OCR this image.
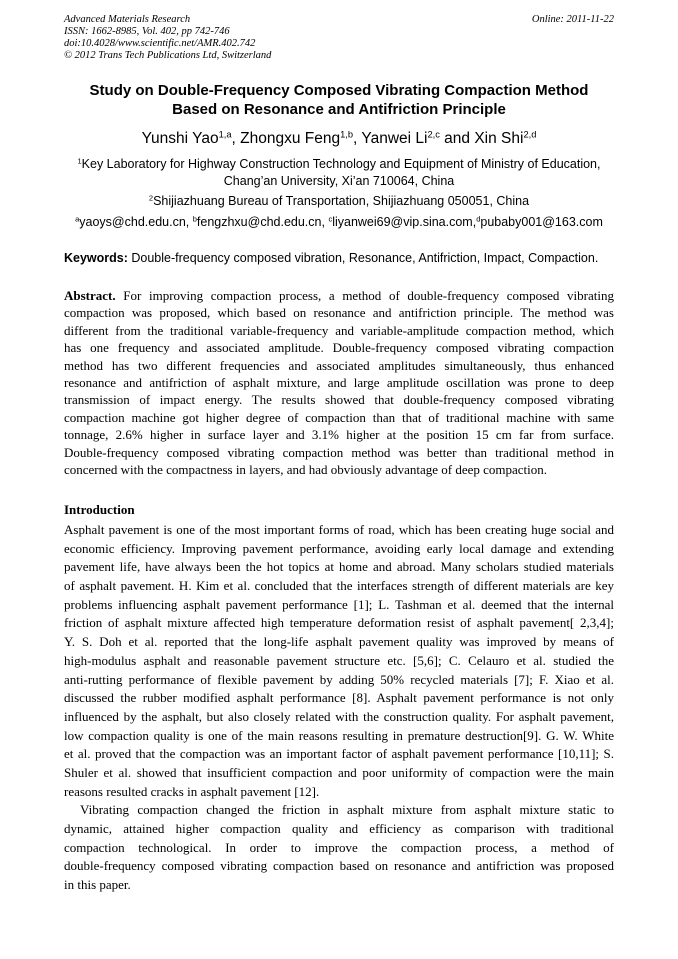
Advanced Materials Research
ISSN: 1662-8985, Vol. 402, pp 742-746
doi:10.4028/www.scientific.net/AMR.402.742
© 2012 Trans Tech Publications Ltd, Switzerland
Online: 2011-11-22
Study on Double-Frequency Composed Vibrating Compaction Method
Based on Resonance and Antifriction Principle
Yunshi Yao$^{1,a}$, Zhongxu Feng$^{1,b}$, Yanwei Li$^{2,c}$ and Xin Shi$^{2,d}$
$^1$Key Laboratory for Highway Construction Technology and Equipment of Ministry of Education,
Chang’an University, Xi’an 710064, China
$^2$Shijiazhuang Bureau of Transportation, Shijiazhuang 050051, China
$^a$yaoys@chd.edu.cn, $^b$fengzhxu@chd.edu.cn, $^c$liyanwei69@vip.sina.com,$^d$pubaby001@163.com
Keywords: Double-frequency composed vibration, Resonance, Antifriction, Impact, Compaction.
Abstract. For improving compaction process, a method of double-frequency composed vibrating
compaction was proposed, which based on resonance and antifriction principle. The method was
different from the traditional variable-frequency and variable-amplitude compaction method, which
has one frequency and associated amplitude. Double-frequency composed vibrating compaction
method has two different frequencies and associated amplitudes simultaneously, thus enhanced
resonance and antifriction of asphalt mixture, and large amplitude oscillation was prone to deep
transmission of impact energy. The results showed that double-frequency composed vibrating
compaction machine got higher degree of compaction than that of traditional machine with same
tonnage, 2.6% higher in surface layer and 3.1% higher at the position 15 cm far from surface.
Double-frequency composed vibrating compaction method was better than traditional method in
concerned with the compactness in layers, and had obviously advantage of deep compaction.
Introduction
Asphalt pavement is one of the most important forms of road, which has been creating huge social and
economic efficiency. Improving pavement performance, avoiding early local damage and extending
pavement life, have always been the hot topics at home and abroad. Many scholars studied materials
of asphalt pavement. H. Kim et al. concluded that the interfaces strength of different materials are key
problems influencing asphalt pavement performance [1]; L. Tashman et al. deemed that the internal
friction of asphalt mixture affected high temperature deformation resist of asphalt pavement[ 2,3,4];
Y. S. Doh et al. reported that the long-life asphalt pavement quality was improved by means of
high-modulus asphalt and reasonable pavement structure etc. [5,6]; C. Celauro et al. studied the
anti-rutting performance of flexible pavement by adding 50% recycled materials [7]; F. Xiao et al.
discussed the rubber modified asphalt performance [8]. Asphalt pavement performance is not only
influenced by the asphalt, but also closely related with the construction quality. For asphalt pavement,
low compaction quality is one of the main reasons resulting in premature destruction[9]. G. W. White
et al. proved that the compaction was an important factor of asphalt pavement performance [10,11]; S.
Shuler et al. showed that insufficient compaction and poor uniformity of compaction were the main
reasons resulted cracks in asphalt pavement [12].
Vibrating compaction changed the friction in asphalt mixture from asphalt mixture static to
dynamic, attained higher compaction quality and efficiency as comparison with traditional
compaction technological. In order to improve the compaction process, a method of
double-frequency composed vibrating compaction based on resonance and antifriction was proposed
in this paper.
